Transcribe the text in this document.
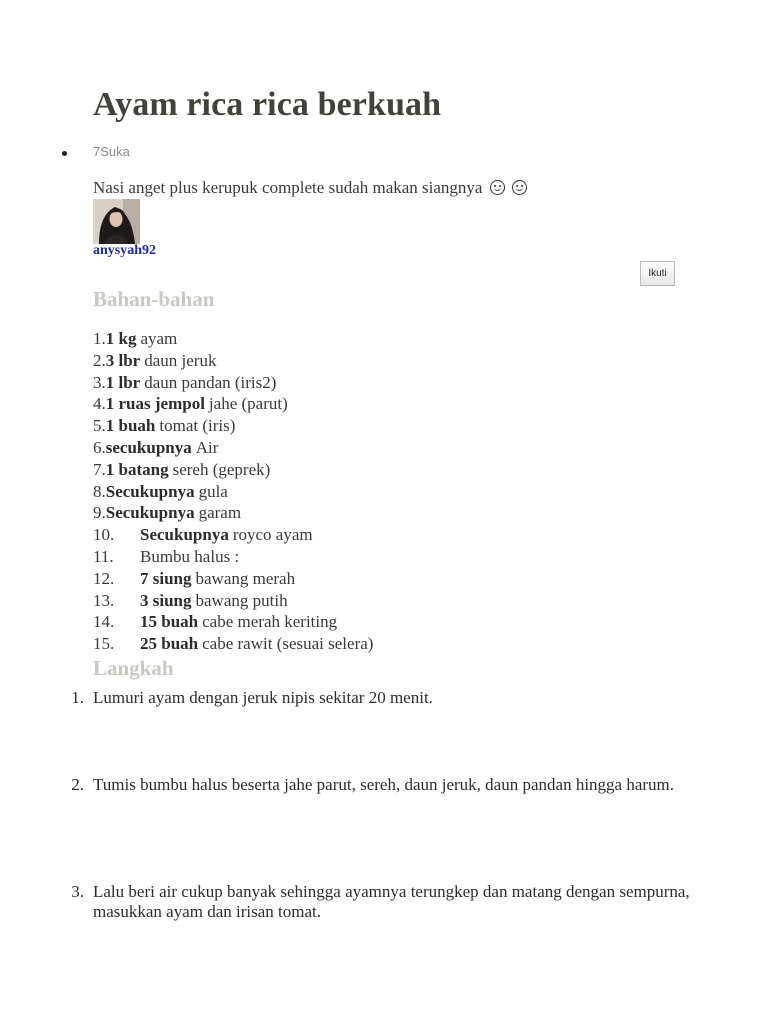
Ayam rica rica berkuah
7Suka
Nasi anget plus kerupuk complete sudah makan siangnya
anysyah92
Ikuti
Bahan-bahan
1. 1 kg ayam
2. 3 lbr daun jeruk
3. 1 lbr daun pandan (iris2)
4. 1 ruas jempol jahe (parut)
5. 1 buah tomat (iris)
6. secukupnya Air
7. 1 batang sereh (geprek)
8. Secukupnya gula
9. Secukupnya garam
10.	Secukupnya royco ayam
11.	Bumbu halus :
12.	7 siung bawang merah
13.	3 siung bawang putih
14.	15 buah cabe merah keriting
15.	25 buah cabe rawit (sesuai selera)
Langkah
1. Lumuri ayam dengan jeruk nipis sekitar 20 menit.
2. Tumis bumbu halus beserta jahe parut, sereh, daun jeruk, daun pandan hingga harum.
3. Lalu beri air cukup banyak sehingga ayamnya terungkep dan matang dengan sempurna, masukkan ayam dan irisan tomat.
